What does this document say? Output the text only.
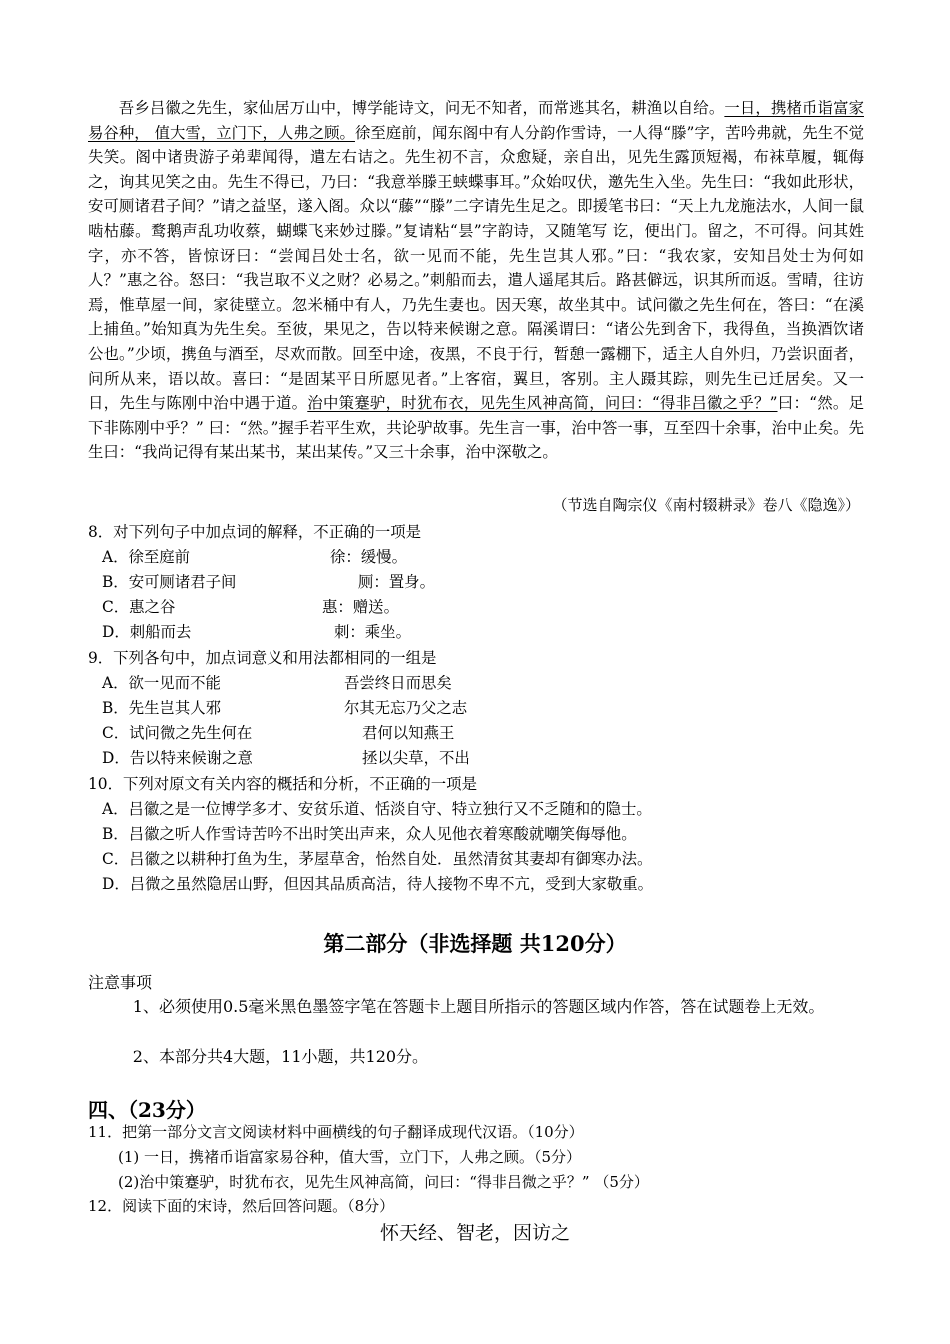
吾乡吕徽之先生，家仙居万山中，博学能诗文，问无不知者，而常逃其名，耕渔以自给。一日，携楮币诣富家易谷种， 值大雪，立门下，人弗之顾。徐至庭前，闻东阁中有人分韵作雪诗，一人得“滕”字，苦吟弗就，先生不觉失笑。阁中诸贵游子弟辈闻得，遣左右诘之。先生初不言，众愈疑，亲自出，见先生露顶短褐，布袜草履，辄侮之，询其见笑之由。先生不得已，乃曰：“我意举滕王蛱蝶事耳。”众始叹伏，邀先生入坐。先生曰：“我如此形状，安可厕诸君子间？”请之益坚，遂入阁。众以“藤”“滕”二字请先生足之。即援笔书曰：“天上九龙施法水，人间一鼠啮枯藤。鹜鹅声乱功收蔡，蝴蝶飞来妙过滕。”复请粘“昙”字韵诗，又随笔写 讫，便出门。留之，不可得。问其姓字，亦不答，皆惊讶曰：“尝闻吕处士名，欲一见而不能，先生岂其人邪。”曰：“我农家，安知吕处士为何如人？”惠之谷。怒曰：“我岂取不义之财？必易之。”刺船而去，遣人遥尾其后。路甚僻远，识其所而返。雪晴，往访焉，惟草屋一间，家徒壁立。忽米桶中有人，乃先生妻也。因天寒，故坐其中。试问徽之先生何在，答曰：“在溪上捕鱼。”始知真为先生矣。至彼，果见之，告以特来候谢之意。隔溪谓曰：“诸公先到舍下，我得鱼，当换酒饮诸公也。”少顷，携鱼与酒至，尽欢而散。回至中途，夜黑，不良于行，暂憩一露棚下，适主人自外归，乃尝识面者，问所从来，语以故。喜曰：“是固某平日所愿见者。”上客宿，翼旦，客别。主人蹑其踪，则先生已迁居矣。又一日，先生与陈刚中治中遇于道。治中策蹇驴，时犹布衣，见先生风神高简，问曰：“得非吕徽之乎？”曰：“然。足下非陈刚中乎？” 曰：“然。”握手若平生欢，共论驴故事。先生言一事，治中答一事，互至四十余事，治中止矣。先生曰：“我尚记得有某出某书，某出某传。”又三十余事，治中深敬之。

（节选自陶宗仪《南村辍耕录》卷八《隐逸》）
8．对下列句子中加点词的解释，不正确的一项是
A．徐至庭前	徐：缓慢。
B．安可厕诸君子间	厕：置身。
C．惠之谷	惠：赠送。
D．刺船而去	刺：乘坐。
9．下列各句中，加点词意义和用法都相同的一组是
A．欲一见而不能	吾尝终日而思矣
B．先生岂其人邪	尔其无忘乃父之志
C．试问微之先生何在	君何以知燕王
D．告以特来候谢之意	拯以尖草，不出
10．下列对原文有关内容的概括和分析，不正确的一项是
A．吕徽之是一位博学多才、安贫乐道、恬淡自守、特立独行又不乏随和的隐士。
B．吕徽之听人作雪诗苦吟不出时笑出声来，众人见他衣着寒酸就嘲笑侮辱他。
C．吕徽之以耕种打鱼为生，茅屋草舍，怡然自处．虽然清贫其妻却有御寒办法。
D．吕微之虽然隐居山野，但因其品质高洁，待人接物不卑不亢，受到大家敬重。
第二部分（非选择题 共120分）
注意事项
1、必须使用0.5毫米黑色墨签字笔在答题卡上题目所指示的答题区域内作答，答在试题卷上无效。
2、本部分共4大题，11小题，共120分。
四、（23分）
11．把第一部分文言文阅读材料中画横线的句子翻译成现代汉语。（10分）
(1) 一日，携褚币诣富家易谷种，值大雪，立门下，人弗之顾。（5分）
(2)治中策蹇驴，时犹布衣，见先生风神高简，问曰：“得非吕微之乎？” （5分）
12．阅读下面的宋诗，然后回答问题。（8分）
怀天经、智老，因访之
